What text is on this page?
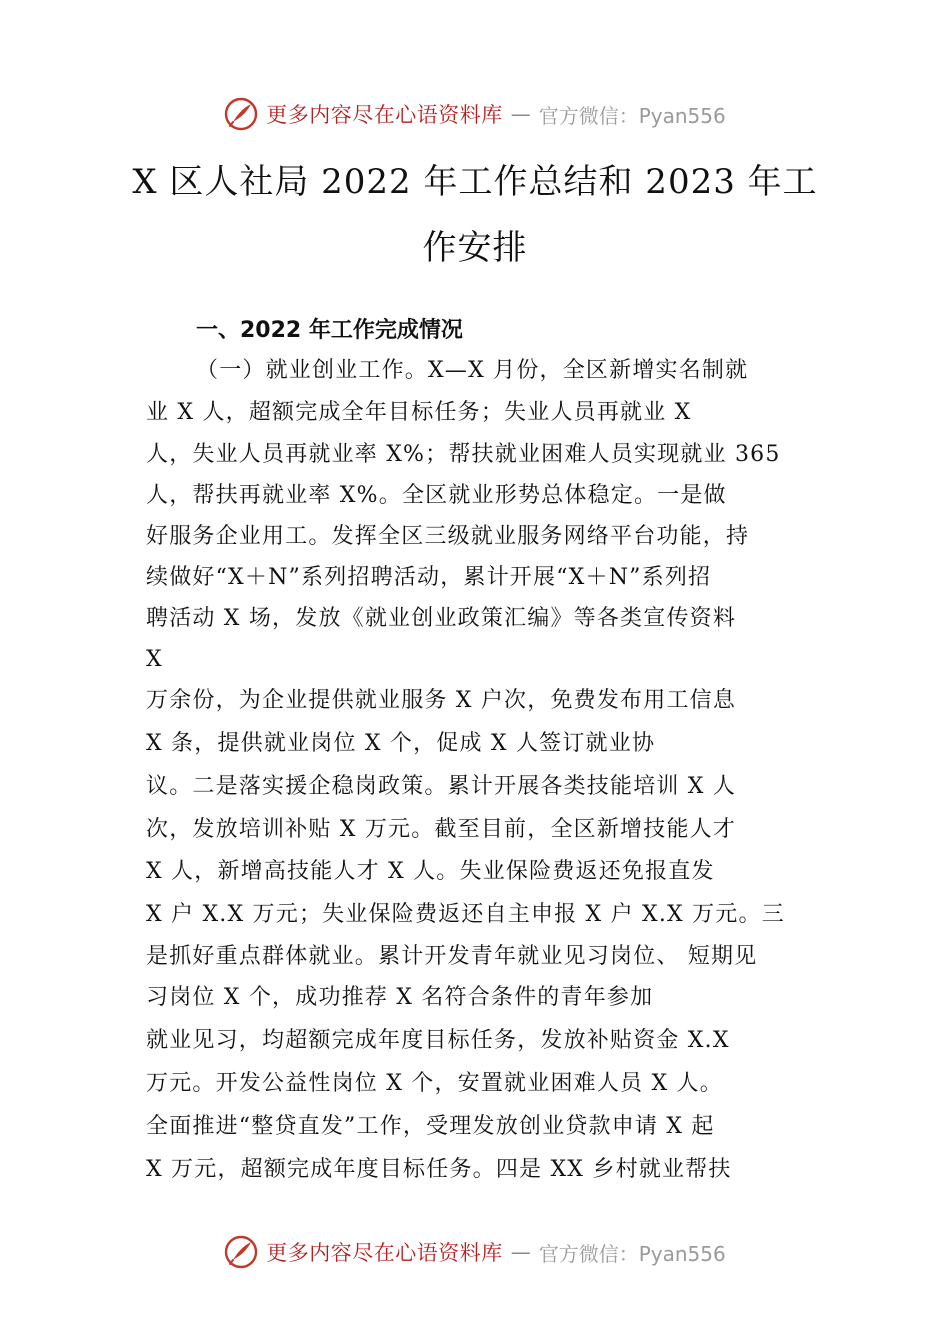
更多内容尽在心语资料库 — 官方微信：Pyan556
X 区人社局 2022 年工作总结和 2023 年工
作安排
一、2022 年工作完成情况
（一）就业创业工作。X—X 月份，全区新增实名制就
业 X 人，超额完成全年目标任务；失业人员再就业 X
人，失业人员再就业率 X%；帮扶就业困难人员实现就业 365
人，帮扶再就业率 X%。全区就业形势总体稳定。一是做
好服务企业用工。发挥全区三级就业服务网络平台功能，持
续做好“X＋N”系列招聘活动，累计开展“X＋N”系列招
聘活动 X 场，发放《就业创业政策汇编》等各类宣传资料
X
万余份，为企业提供就业服务 X 户次，免费发布用工信息
X 条，提供就业岗位 X 个，促成 X 人签订就业协
议。二是落实援企稳岗政策。累计开展各类技能培训 X 人
次，发放培训补贴 X 万元。截至目前，全区新增技能人才
X 人，新增高技能人才 X 人。失业保险费返还免报直发
X 户 X.X 万元；失业保险费返还自主申报 X 户 X.X 万元。三
是抓好重点群体就业。累计开发青年就业见习岗位、 短期见
习岗位 X 个，成功推荐 X 名符合条件的青年参加
就业见习，均超额完成年度目标任务，发放补贴资金 X.X
万元。开发公益性岗位 X 个，安置就业困难人员 X 人。
全面推进“整贷直发”工作，受理发放创业贷款申请 X 起
X 万元，超额完成年度目标任务。四是 XX 乡村就业帮扶
更多内容尽在心语资料库 — 官方微信：Pyan556
